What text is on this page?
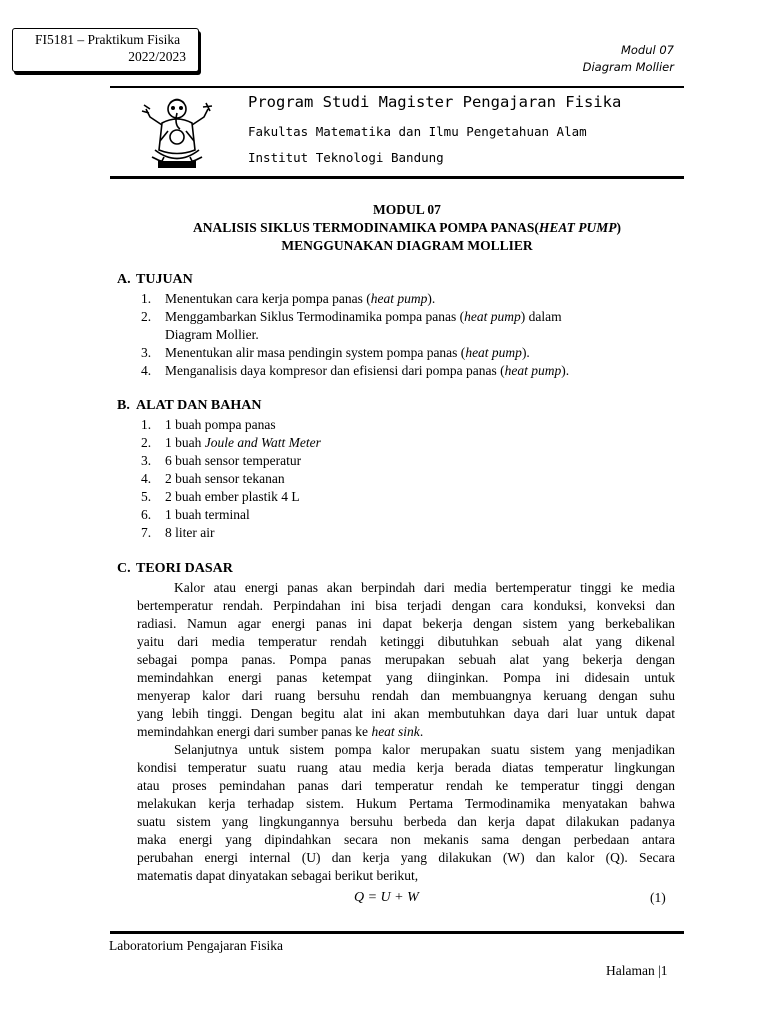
FI5181 – Praktikum Fisika
2022/2023	Modul 07
Diagram Mollier
Program Studi Magister Pengajaran Fisika
Fakultas Matematika dan Ilmu Pengetahuan Alam
Institut Teknologi Bandung
MODUL 07
ANALISIS SIKLUS TERMODINAMIKA POMPA PANAS(HEAT PUMP)
MENGGUNAKAN DIAGRAM MOLLIER
A. TUJUAN
1. Menentukan cara kerja pompa panas (heat pump).
2. Menggambarkan Siklus Termodinamika pompa panas (heat pump) dalam
Diagram Mollier.
3. Menentukan alir masa pendingin system pompa panas (heat pump).
4. Menganalisis daya kompresor dan efisiensi dari pompa panas (heat pump).
B. ALAT DAN BAHAN
1. 1 buah pompa panas
2. 1 buah Joule and Watt Meter
3. 6 buah sensor temperatur
4. 2 buah sensor tekanan
5. 2 buah ember plastik 4 L
6. 1 buah terminal
7. 8 liter air
C. TEORI DASAR
Kalor atau energi panas akan berpindah dari media bertemperatur tinggi ke media
bertemperatur rendah. Perpindahan ini bisa terjadi dengan cara konduksi, konveksi dan
radiasi. Namun agar energi panas ini dapat bekerja dengan sistem yang berkebalikan
yaitu dari media temperatur rendah ketinggi dibutuhkan sebuah alat yang dikenal
sebagai pompa panas. Pompa panas merupakan sebuah alat yang bekerja dengan
memindahkan energi panas ketempat yang diinginkan. Pompa ini didesain untuk
menyerap kalor dari ruang bersuhu rendah dan membuangnya keruang dengan suhu
yang lebih tinggi. Dengan begitu alat ini akan membutuhkan daya dari luar untuk dapat
memindahkan energi dari sumber panas ke heat sink.
Selanjutnya untuk sistem pompa kalor merupakan suatu sistem yang menjadikan
kondisi temperatur suatu ruang atau media kerja berada diatas temperatur lingkungan
atau proses pemindahan panas dari temperatur rendah ke temperatur tinggi dengan
melakukan kerja terhadap sistem. Hukum Pertama Termodinamika menyatakan bahwa
suatu sistem yang lingkungannya bersuhu berbeda dan kerja dapat dilakukan padanya
maka energi yang dipindahkan secara non mekanis sama dengan perbedaan antara
perubahan energi internal (U) dan kerja yang dilakukan (W) dan kalor (Q). Secara
matematis dapat dinyatakan sebagai berikut berikut,
Q = U + W	(1)
Laboratorium Pengajaran Fisika
Halaman |1
